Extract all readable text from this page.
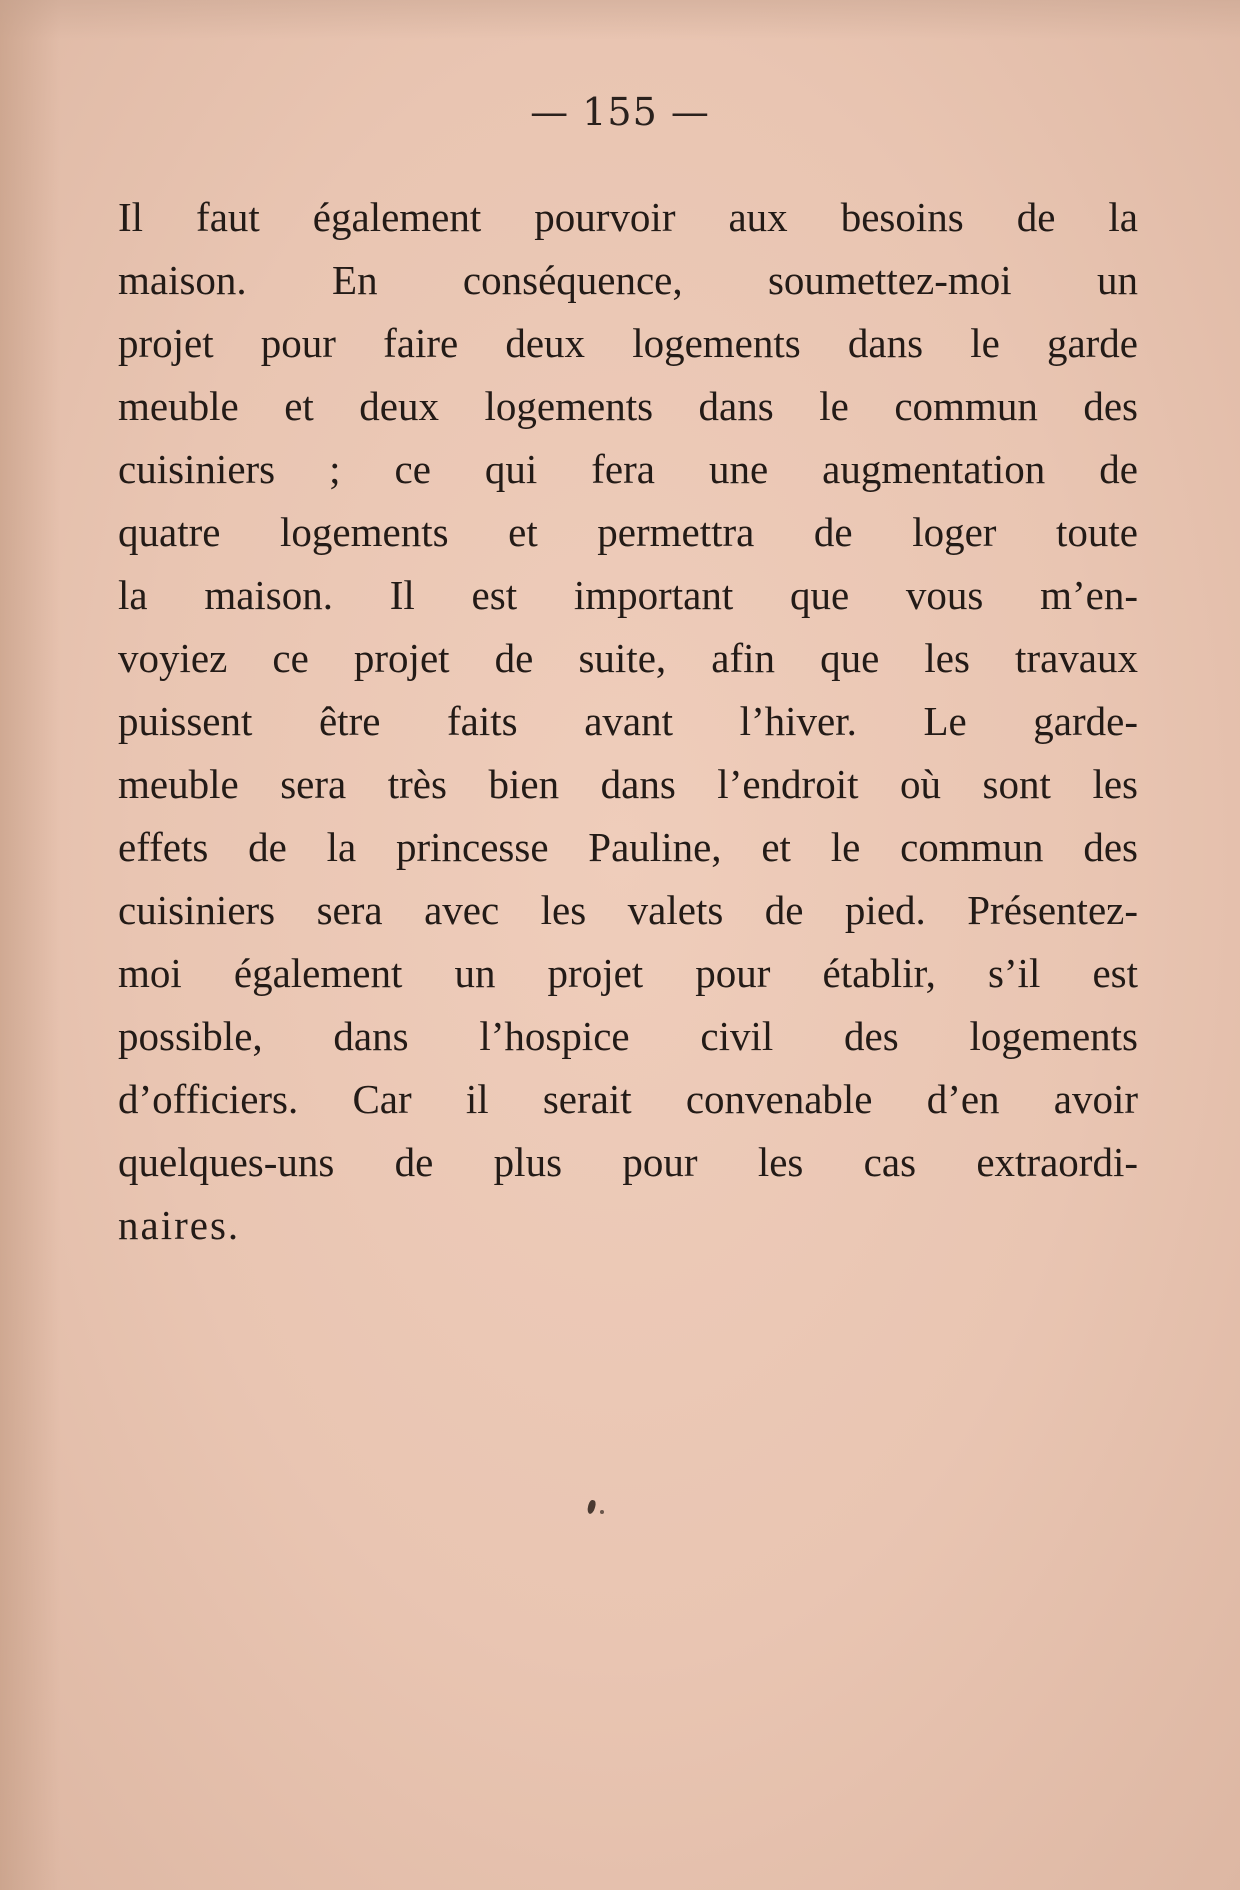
— 155 —
Il faut également pourvoir aux besoins de la
maison. En conséquence, soumettez-moi un
projet pour faire deux logements dans le garde
meuble et deux logements dans le commun des
cuisiniers ; ce qui fera une augmentation de
quatre logements et permettra de loger toute
la maison. Il est important que vous m’en-
voyiez ce projet de suite, afin que les travaux
puissent être faits avant l’hiver. Le garde-
meuble sera très bien dans l’endroit où sont les
effets de la princesse Pauline, et le commun des
cuisiniers sera avec les valets de pied. Présentez-
moi également un projet pour établir, s’il est
possible, dans l’hospice civil des logements
d’officiers. Car il serait convenable d’en avoir
quelques-uns de plus pour les cas extraordi-
naires.
